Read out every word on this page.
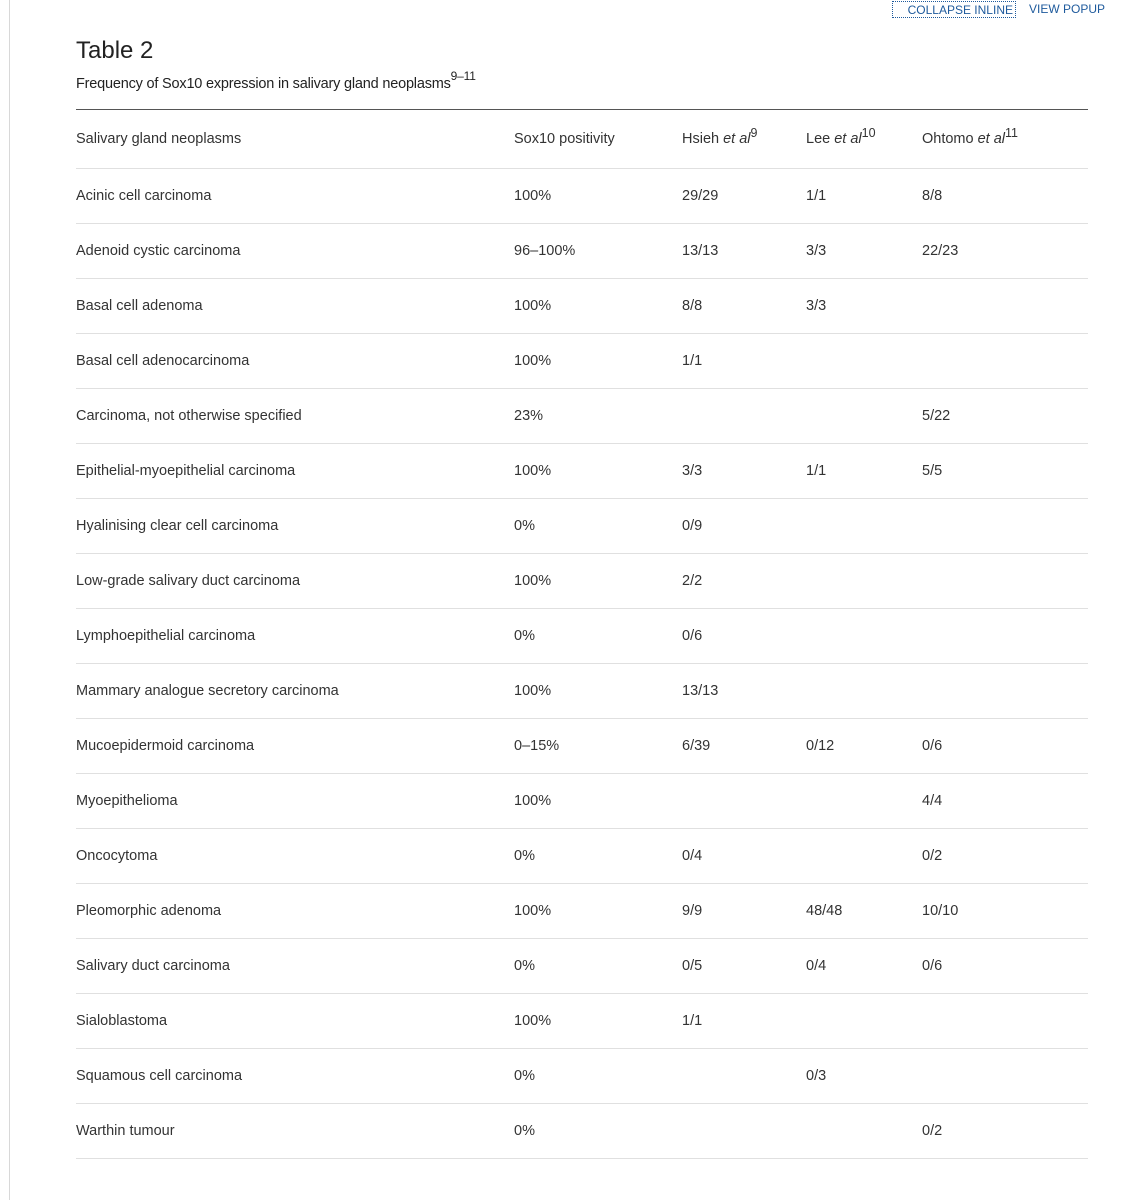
COLLAPSE INLINE VIEW POPUP
Table 2
Frequency of Sox10 expression in salivary gland neoplasms$^{9-11}$
Salivary gland neoplasms	Sox10 positivity	Hsieh et $al^9$	Lee et $al^{10}$	Ohtomo et $al^{11}$
Acinic cell carcinoma	100%	29/29	1/1	8/8
Adenoid cystic carcinoma	96–100%	13/13	3/3	22/23
Basal cell adenoma	100%	8/8	3/3	
Basal cell adenocarcinoma	100%	1/1		
Carcinoma, not otherwise specified	23%			5/22
Epithelial-myoepithelial carcinoma	100%	3/3	1/1	5/5
Hyalinising clear cell carcinoma	0%	0/9		
Low-grade salivary duct carcinoma	100%	2/2		
Lymphoepithelial carcinoma	0%	0/6		
Mammary analogue secretory carcinoma	100%	13/13		
Mucoepidermoid carcinoma	0–15%	6/39	0/12	0/6
Myoepithelioma	100%			4/4
Oncocytoma	0%	0/4		0/2
Pleomorphic adenoma	100%	9/9	48/48	10/10
Salivary duct carcinoma	0%	0/5	0/4	0/6
Sialoblastoma	100%	1/1		
Squamous cell carcinoma	0%		0/3	
Warthin tumour	0%			0/2
